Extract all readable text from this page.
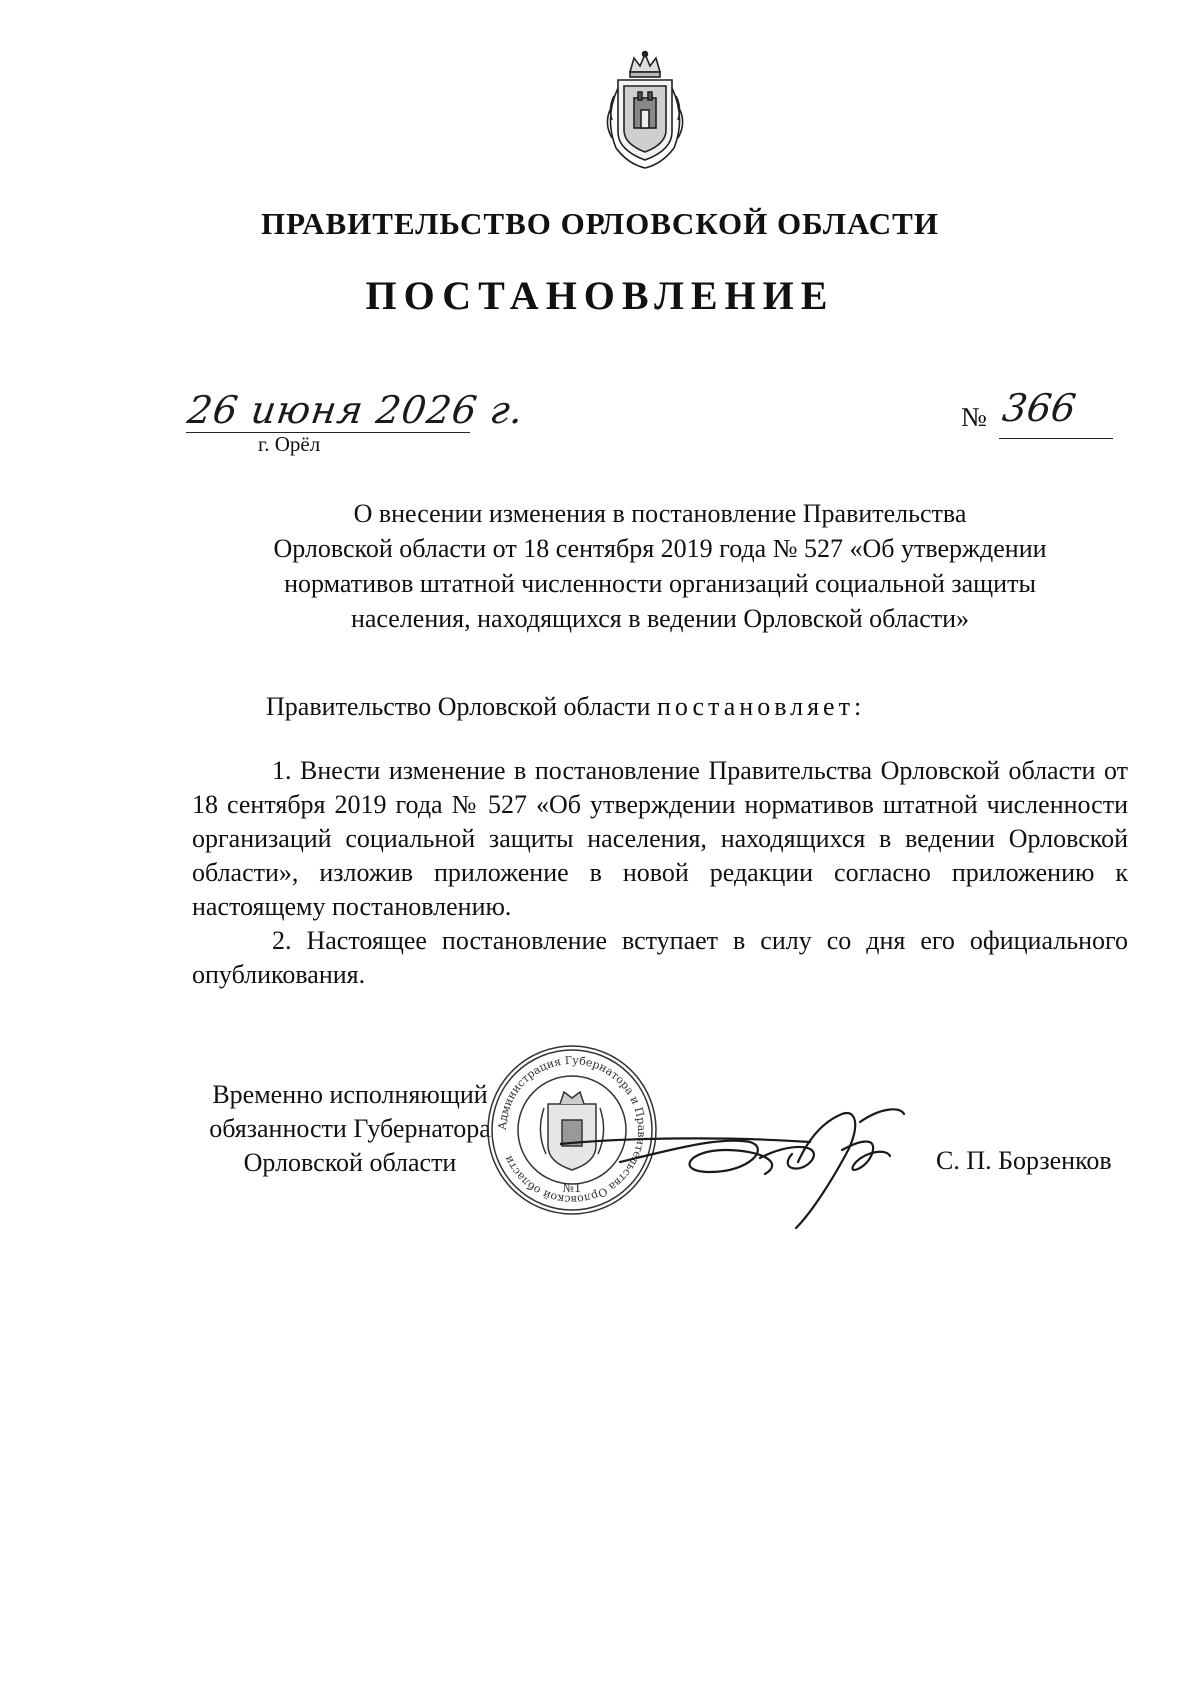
ПРАВИТЕЛЬСТВО ОРЛОВСКОЙ ОБЛАСТИ
ПОСТАНОВЛЕНИЕ
26 июня 2026 г.
г. Орёл
№ 366
О внесении изменения в постановление Правительства
Орловской области от 18 сентября 2019 года № 527 «Об утверждении
нормативов штатной численности организаций социальной защиты
населения, находящихся в ведении Орловской области»
Правительство Орловской области постановляет:

1. Внести изменение в постановление Правительства Орловской области от 18 сентября 2019 года № 527 «Об утверждении нормативов штатной численности организаций социальной защиты населения, находящихся в ведении Орловской области», изложив приложение в новой редакции согласно приложению к настоящему постановлению.

2. Настоящее постановление вступает в силу со дня его официального опубликования.

Временно исполняющий
обязанности Губернатора
Орловской области
Администрация Губернатора и Правительства Орловской области
№1
С. П. Борзенков
